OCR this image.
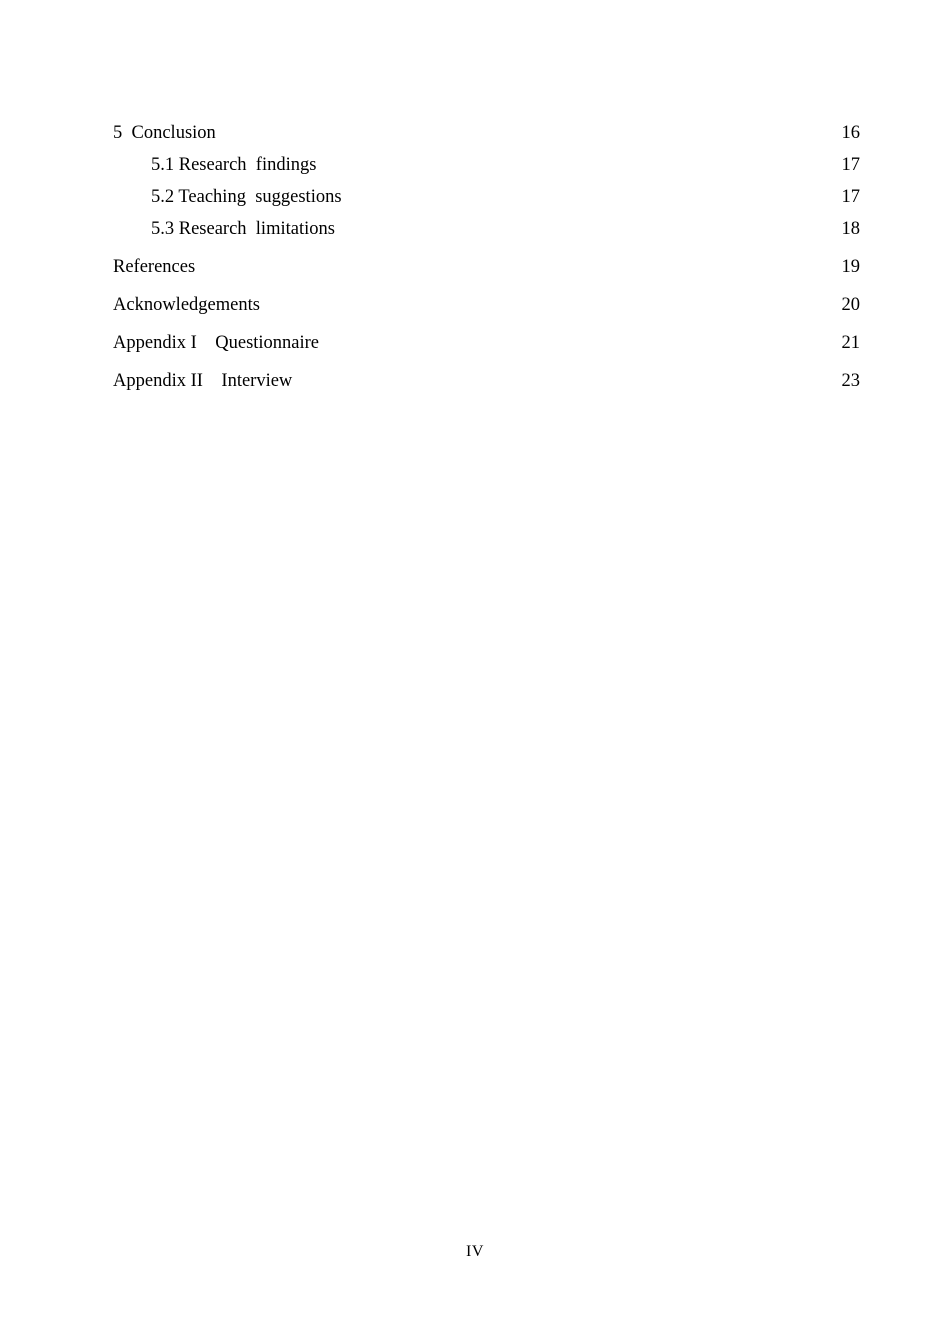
5  Conclusion	16
5.1 Research  findings	17
5.2 Teaching  suggestions	17
5.3 Research  limitations	18
References	19
Acknowledgements	20
Appendix I    Questionnaire	21
Appendix II    Interview	23
IV
